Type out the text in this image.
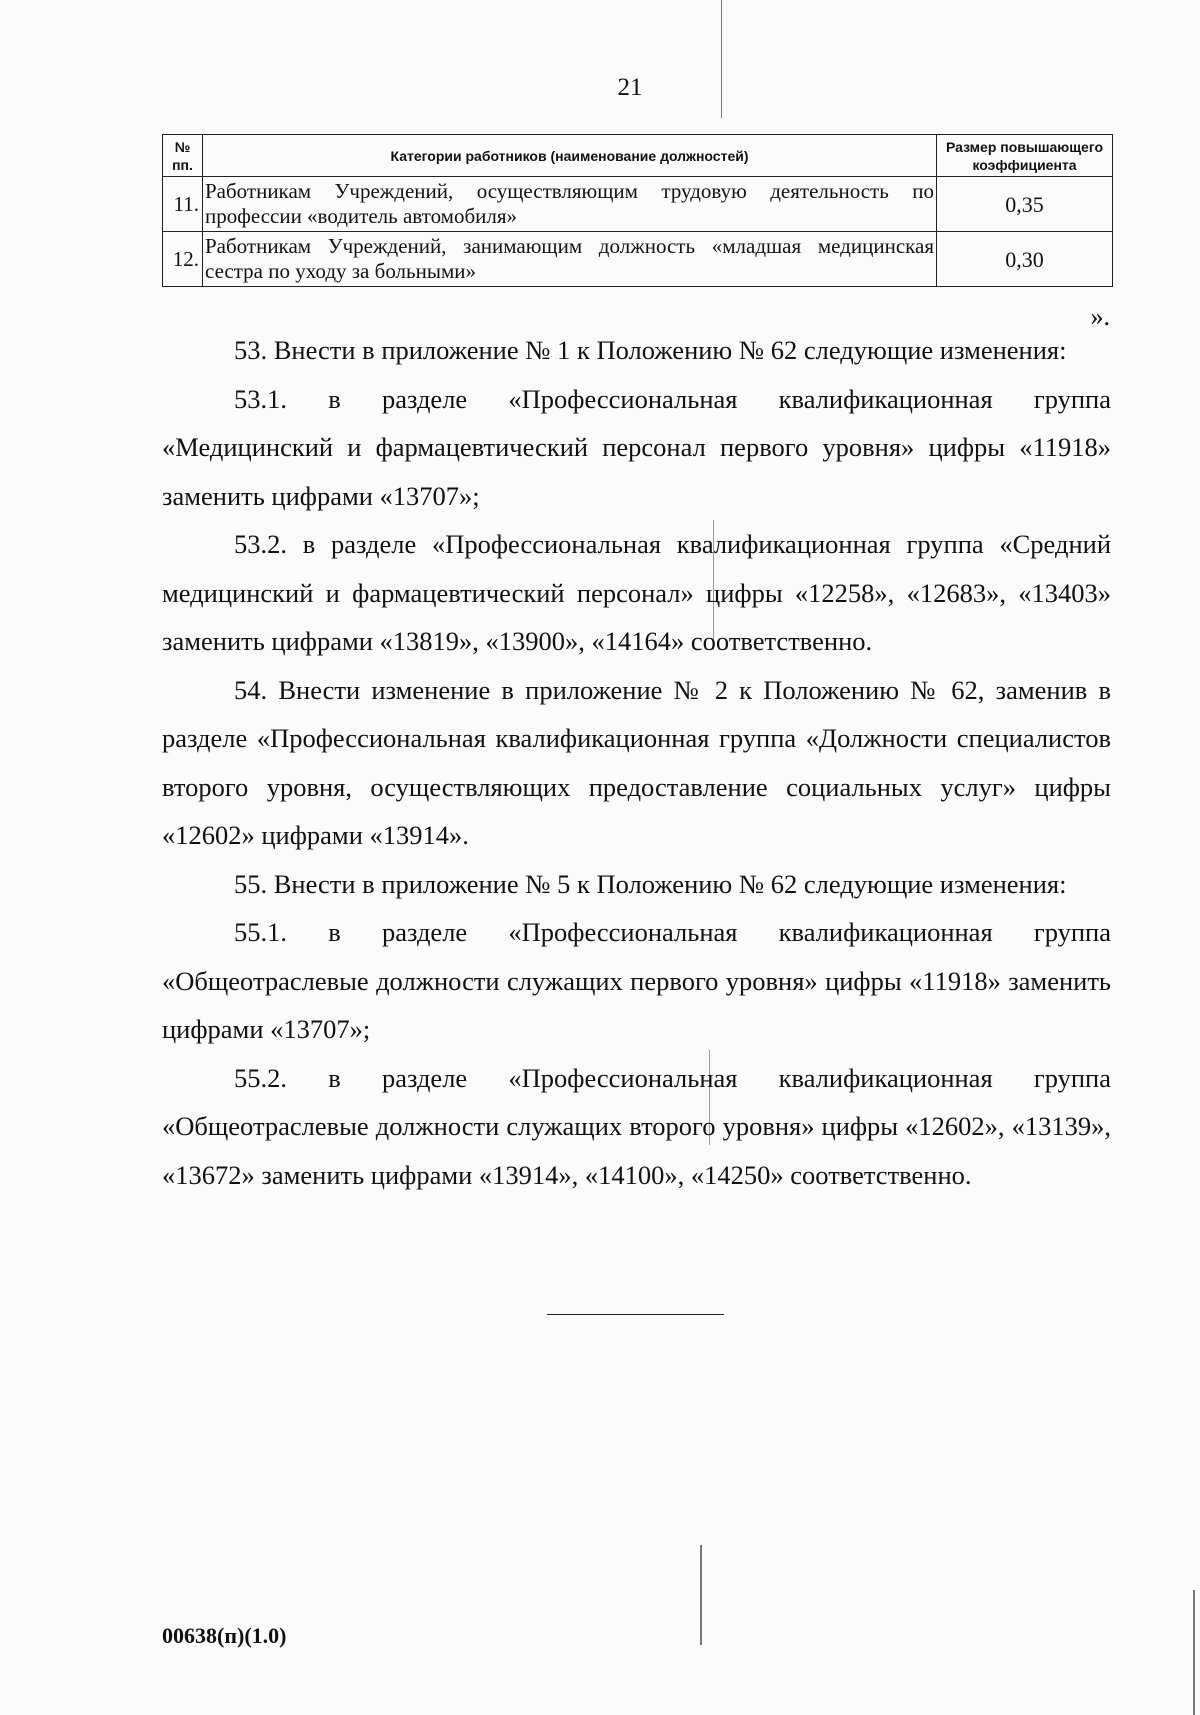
21
№ пп.	Категории работников (наименование должностей)	Размер повышающего коэффициента
11.	Работникам Учреждений, осуществляющим трудовую деятельность по профессии «водитель автомобиля»	0,35
12.	Работникам Учреждений, занимающим должность «младшая медицинская сестра по уходу за больными»	0,30
».

53. Внести в приложение № 1 к Положению № 62 следующие изменения:

53.1. в разделе «Профессиональная квалификационная группа «Медицинский и фармацевтический персонал первого уровня» цифры «11918» заменить цифрами «13707»;

53.2. в разделе «Профессиональная квалификационная группа «Средний медицинский и фармацевтический персонал» цифры «12258», «12683», «13403» заменить цифрами «13819», «13900», «14164» соответственно.

54. Внести изменение в приложение № 2 к Положению № 62, заменив в разделе «Профессиональная квалификационная группа «Должности специалистов второго уровня, осуществляющих предоставление социальных услуг» цифры «12602» цифрами «13914».

55. Внести в приложение № 5 к Положению № 62 следующие изменения:

55.1. в разделе «Профессиональная квалификационная группа «Общеотраслевые должности служащих первого уровня» цифры «11918» заменить цифрами «13707»;

55.2. в разделе «Профессиональная квалификационная группа «Общеотраслевые должности служащих второго уровня» цифры «12602», «13139», «13672» заменить цифрами «13914», «14100», «14250» соответственно.

00638(п)(1.0)
